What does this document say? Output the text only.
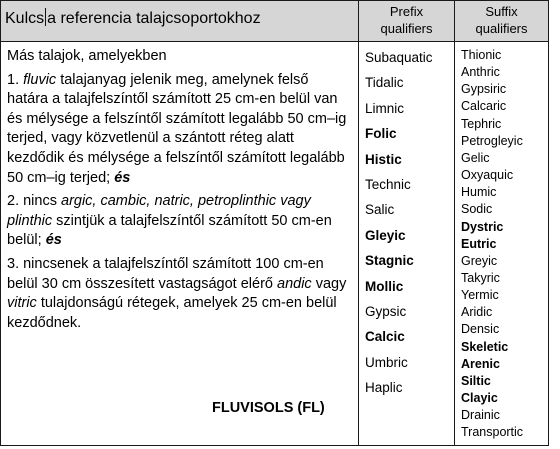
Kulcs a referencia talajcsoportokhoz	Prefix
qualifiers
Suffix
qualifiers

Más talajok, amelyekben

1. fluvic talajanyag jelenik meg, amelynek felső határa a talajfelszíntől számított 25 cm-en belül van és mélysége a felszíntől számított legalább 50 cm–ig terjed, vagy közvetlenül a szántott réteg alatt kezdődik és mélysége a felszíntől számított legalább 50 cm–ig terjed; és

2. nincs argic, cambic, natric, petroplinthic vagy plinthic szintjük a talajfelszíntől számított 50 cm-en belül; és

3. nincsenek a talajfelszíntől számított 100 cm-en belül 30 cm összesített vastagságot elérő andic vagy vitric tulajdonságú rétegek, amelyek 25 cm-en belül kezdődnek.

FLUVISOLS (FL)
Subaquatic
Tidalic
Limnic
Folic
Histic
Technic
Salic
Gleyic
Stagnic
Mollic
Gypsic
Calcic
Umbric
Haplic
Thionic
Anthric
Gypsiric
Calcaric
Tephric
Petrogleyic
Gelic
Oxyaquic
Humic
Sodic
Dystric
Eutric
Greyic
Takyric
Yermic
Aridic
Densic
Skeletic
Arenic
Siltic
Clayic
Drainic
Transportic
